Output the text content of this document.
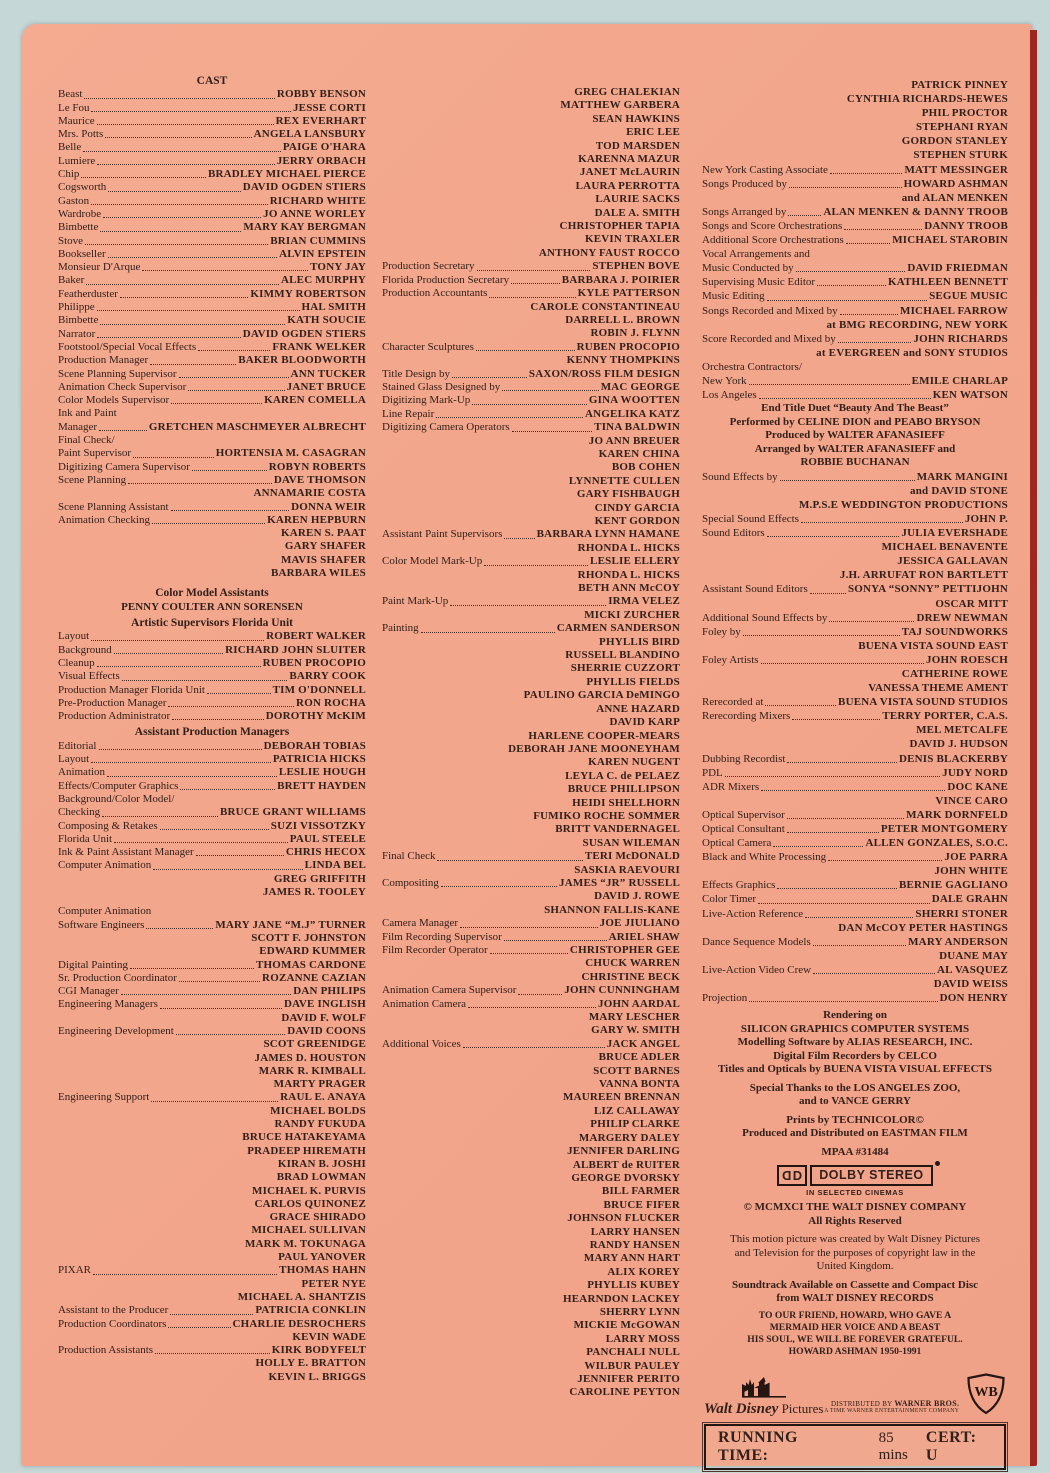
CAST
Beast	ROBBY BENSON
Le Fou	JESSE CORTI
Maurice	REX EVERHART
Mrs. Potts	ANGELA LANSBURY
Belle	PAIGE O'HARA
Lumiere	JERRY ORBACH
Chip	BRADLEY MICHAEL PIERCE
Cogsworth	DAVID OGDEN STIERS
Gaston	RICHARD WHITE
Wardrobe	JO ANNE WORLEY
Bimbette	MARY KAY BERGMAN
Stove	BRIAN CUMMINS
Bookseller	ALVIN EPSTEIN
Monsieur D'Arque	TONY JAY
Baker	ALEC MURPHY
Featherduster	KIMMY ROBERTSON
Philippe	HAL SMITH
Bimbette	KATH SOUCIE
Narrator	DAVID OGDEN STIERS
Footstool/Special Vocal Effects	FRANK WELKER
Production Manager	BAKER BLOODWORTH
Scene Planning Supervisor	ANN TUCKER
Animation Check Supervisor	JANET BRUCE
Color Models Supervisor	KAREN COMELLA
Ink and Paint
Manager	GRETCHEN MASCHMEYER ALBRECHT
Final Check/
Paint Supervisor	HORTENSIA M. CASAGRAN
Digitizing Camera Supervisor	ROBYN ROBERTS
Scene Planning	DAVE THOMSON
ANNAMARIE COSTA
Scene Planning Assistant	DONNA WEIR
Animation Checking	KAREN HEPBURN
KAREN S. PAAT
GARY SHAFER
MAVIS SHAFER
BARBARA WILES
Color Model Assistants
PENNY COULTER ANN SORENSEN
Artistic Supervisors Florida Unit
Layout	ROBERT WALKER
Background	RICHARD JOHN SLUITER
Cleanup	RUBEN PROCOPIO
Visual Effects	BARRY COOK
Production Manager Florida Unit	TIM O'DONNELL
Pre-Production Manager	RON ROCHA
Production Administrator	DOROTHY McKIM
Assistant Production Managers
Editorial	DEBORAH TOBIAS
Layout	PATRICIA HICKS
Animation	LESLIE HOUGH
Effects/Computer Graphics	BRETT HAYDEN
Background/Color Model/
Checking	BRUCE GRANT WILLIAMS
Composing & Retakes	SUZI VISSOTZKY
Florida Unit	PAUL STEELE
Ink & Paint Assistant Manager	CHRIS HECOX
Computer Animation	LINDA BEL
GREG GRIFFITH
JAMES R. TOOLEY
Computer Animation
Software Engineers	MARY JANE “M.J” TURNER
SCOTT F. JOHNSTON
EDWARD KUMMER
Digital Painting	THOMAS CARDONE
Sr. Production Coordinator	ROZANNE CAZIAN
CGI Manager	DAN PHILIPS
Engineering Managers	DAVE INGLISH
DAVID F. WOLF
Engineering Development	DAVID COONS
SCOT GREENIDGE
JAMES D. HOUSTON
MARK R. KIMBALL
MARTY PRAGER
Engineering Support	RAUL E. ANAYA
MICHAEL BOLDS
RANDY FUKUDA
BRUCE HATAKEYAMA
PRADEEP HIREMATH
KIRAN B. JOSHI
BRAD LOWMAN
MICHAEL K. PURVIS
CARLOS QUINONEZ
GRACE SHIRADO
MICHAEL SULLIVAN
MARK M. TOKUNAGA
PAUL YANOVER
PIXAR	THOMAS HAHN
PETER NYE
MICHAEL A. SHANTZIS
Assistant to the Producer	PATRICIA CONKLIN
Production Coordinators	CHARLIE DESROCHERS
KEVIN WADE
Production Assistants	KIRK BODYFELT
HOLLY E. BRATTON
KEVIN L. BRIGGS
GREG CHALEKIAN
MATTHEW GARBERA
SEAN HAWKINS
ERIC LEE
TOD MARSDEN
KARENNA MAZUR
JANET McLAURIN
LAURA PERROTTA
LAURIE SACKS
DALE A. SMITH
CHRISTOPHER TAPIA
KEVIN TRAXLER
ANTHONY FAUST ROCCO
Production Secretary	STEPHEN BOVE
Florida Production Secretary	BARBARA J. POIRIER
Production Accountants	KYLE PATTERSON
CAROLE CONSTANTINEAU
DARRELL L. BROWN
ROBIN J. FLYNN
Character Sculptures	RUBEN PROCOPIO
KENNY THOMPKINS
Title Design by	SAXON/ROSS FILM DESIGN
Stained Glass Designed by	MAC GEORGE
Digitizing Mark-Up	GINA WOOTTEN
Line Repair	ANGELIKA KATZ
Digitizing Camera Operators	TINA BALDWIN
JO ANN BREUER
KAREN CHINA
BOB COHEN
LYNNETTE CULLEN
GARY FISHBAUGH
CINDY GARCIA
KENT GORDON
Assistant Paint Supervisors	BARBARA LYNN HAMANE
RHONDA L. HICKS
Color Model Mark-Up	LESLIE ELLERY
RHONDA L. HICKS
BETH ANN McCOY
Paint Mark-Up	IRMA VELEZ
MICKI ZURCHER
Painting	CARMEN SANDERSON
PHYLLIS BIRD
RUSSELL BLANDINO
SHERRIE CUZZORT
PHYLLIS FIELDS
PAULINO GARCIA DeMINGO
ANNE HAZARD
DAVID KARP
HARLENE COOPER-MEARS
DEBORAH JANE MOONEYHAM
KAREN NUGENT
LEYLA C. de PELAEZ
BRUCE PHILLIPSON
HEIDI SHELLHORN
FUMIKO ROCHE SOMMER
BRITT VANDERNAGEL
SUSAN WILEMAN
Final Check	TERI McDONALD
SASKIA RAEVOURI
Compositing	JAMES “JR” RUSSELL
DAVID J. ROWE
SHANNON FALLIS-KANE
Camera Manager	JOE JIULIANO
Film Recording Supervisor	ARIEL SHAW
Film Recorder Operator	CHRISTOPHER GEE
CHUCK WARREN
CHRISTINE BECK
Animation Camera Supervisor	JOHN CUNNINGHAM
Animation Camera	JOHN AARDAL
MARY LESCHER
GARY W. SMITH
Additional Voices	JACK ANGEL
BRUCE ADLER
SCOTT BARNES
VANNA BONTA
MAUREEN BRENNAN
LIZ CALLAWAY
PHILIP CLARKE
MARGERY DALEY
JENNIFER DARLING
ALBERT de RUITER
GEORGE DVORSKY
BILL FARMER
BRUCE FIFER
JOHNSON FLUCKER
LARRY HANSEN
RANDY HANSEN
MARY ANN HART
ALIX KOREY
PHYLLIS KUBEY
HEARNDON LACKEY
SHERRY LYNN
MICKIE McGOWAN
LARRY MOSS
PANCHALI NULL
WILBUR PAULEY
JENNIFER PERITO
CAROLINE PEYTON
PATRICK PINNEY
CYNTHIA RICHARDS-HEWES
PHIL PROCTOR
STEPHANI RYAN
GORDON STANLEY
STEPHEN STURK
New York Casting Associate	MATT MESSINGER
Songs Produced by	HOWARD ASHMAN
and ALAN MENKEN
Songs Arranged by	ALAN MENKEN & DANNY TROOB
Songs and Score Orchestrations	DANNY TROOB
Additional Score Orchestrations	MICHAEL STAROBIN
Vocal Arrangements and
Music Conducted by	DAVID FRIEDMAN
Supervising Music Editor	KATHLEEN BENNETT
Music Editing	SEGUE MUSIC
Songs Recorded and Mixed by	MICHAEL FARROW
at BMG RECORDING, NEW YORK
Score Recorded and Mixed by	JOHN RICHARDS
at EVERGREEN and SONY STUDIOS
Orchestra Contractors/
New York	EMILE CHARLAP
Los Angeles	KEN WATSON
End Title Duet “Beauty And The Beast”
Performed by CELINE DION and PEABO BRYSON
Produced by WALTER AFANASIEFF
Arranged by WALTER AFANASIEFF and
ROBBIE BUCHANAN
Sound Effects by	MARK MANGINI
and DAVID STONE
M.P.S.E WEDDINGTON PRODUCTIONS
Special Sound Effects	JOHN P.
Sound Editors	JULIA EVERSHADE
MICHAEL BENAVENTE
JESSICA GALLAVAN
J.H. ARRUFAT RON BARTLETT
Assistant Sound Editors	SONYA “SONNY” PETTIJOHN
OSCAR MITT
Additional Sound Effects by	DREW NEWMAN
Foley by	TAJ SOUNDWORKS
BUENA VISTA SOUND EAST
Foley Artists	JOHN ROESCH
CATHERINE ROWE
VANESSA THEME AMENT
Rerecorded at	BUENA VISTA SOUND STUDIOS
Rerecording Mixers	TERRY PORTER, C.A.S.
MEL METCALFE
DAVID J. HUDSON
Dubbing Recordist	DENIS BLACKERBY
PDL	JUDY NORD
ADR Mixers	DOC KANE
VINCE CARO
Optical Supervisor	MARK DORNFELD
Optical Consultant	PETER MONTGOMERY
Optical Camera	ALLEN GONZALES, S.O.C.
Black and White Processing	JOE PARRA
JOHN WHITE
Effects Graphics	BERNIE GAGLIANO
Color Timer	DALE GRAHN
Live-Action Reference	SHERRI STONER
DAN McCOY PETER HASTINGS
Dance Sequence Models	MARY ANDERSON
DUANE MAY
Live-Action Video Crew	AL VASQUEZ
DAVID WEISS
Projection	DON HENRY
Rendering on
SILICON GRAPHICS COMPUTER SYSTEMS
Modelling Software by ALIAS RESEARCH, INC.
Digital Film Recorders by CELCO
Titles and Opticals by BUENA VISTA VISUAL EFFECTS
Special Thanks to the LOS ANGELES ZOO,
and to VANCE GERRY
Prints by TECHNICOLOR©
Produced and Distributed on EASTMAN FILM
MPAA #31484
D D	DOLBY STEREO
IN SELECTED CINEMAS
© MCMXCI THE WALT DISNEY COMPANY
All Rights Reserved
This motion picture was created by Walt Disney Pictures
and Television for the purposes of copyright law in the
United Kingdom.
Soundtrack Available on Cassette and Compact Disc
from WALT DISNEY RECORDS
TO OUR FRIEND, HOWARD, WHO GAVE A
MERMAID HER VOICE AND A BEAST
HIS SOUL, WE WILL BE FOREVER GRATEFUL.
HOWARD ASHMAN 1950-1991
Walt Disney Pictures	DISTRIBUTED BY WARNER BROS.
A TIME WARNER ENTERTAINMENT COMPANY
WB
RUNNING TIME:
85 mins
CERT: U
